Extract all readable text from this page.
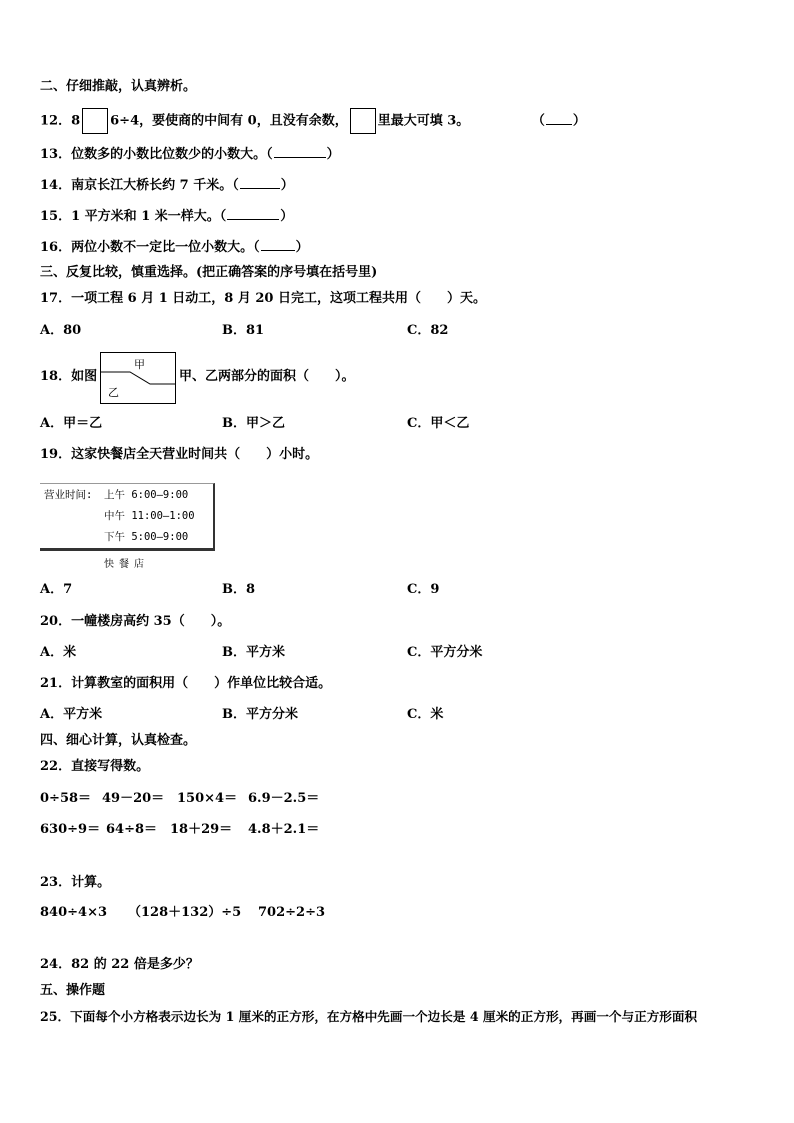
二、仔细推敲，认真辨析。
12．8 6÷4，要使商的中间有 0，且没有余数， 里最大可填 3。	（ ）
13．位数多的小数比位数少的小数大。（	）
14．南京长江大桥长约 7 千米。（	）
15．1 平方米和 1 米一样大。（	）
16．两位小数不一定比一位小数大。（	）
三、反复比较，慎重选择。(把正确答案的序号填在括号里)
17．一项工程 6 月 1 日动工，8 月 20 日完工，这项工程共用（　　）天。
A．80	B．81	C．82
18．如图
甲
乙
甲、乙两部分的面积（　　）。
A．甲＝乙	B．甲＞乙	C．甲＜乙
19．这家快餐店全天营业时间共（　　）小时。
营业时间: 上午 6:00—9:00
中午 11:00—1:00
下午 5:00—9:00
快餐店
A．7	B．8	C．9
20．一幢楼房高约 35（　　）。
A．米	B．平方米	C．平方分米
21．计算教室的面积用（　　）作单位比较合适。
A．平方米	B．平方分米	C．米
四、细心计算，认真检查。
22．直接写得数。
0÷58＝ 49－20＝ 150×4＝ 6.9－2.5＝
630÷9＝ 64÷8＝ 18＋29＝ 4.8＋2.1＝
23．计算。
840÷4×3 （128＋132）÷5 702÷2÷3
24．82 的 22 倍是多少？
五、操作题
25．下面每个小方格表示边长为 1 厘米的正方形，在方格中先画一个边长是 4 厘米的正方形，再画一个与正方形面积
